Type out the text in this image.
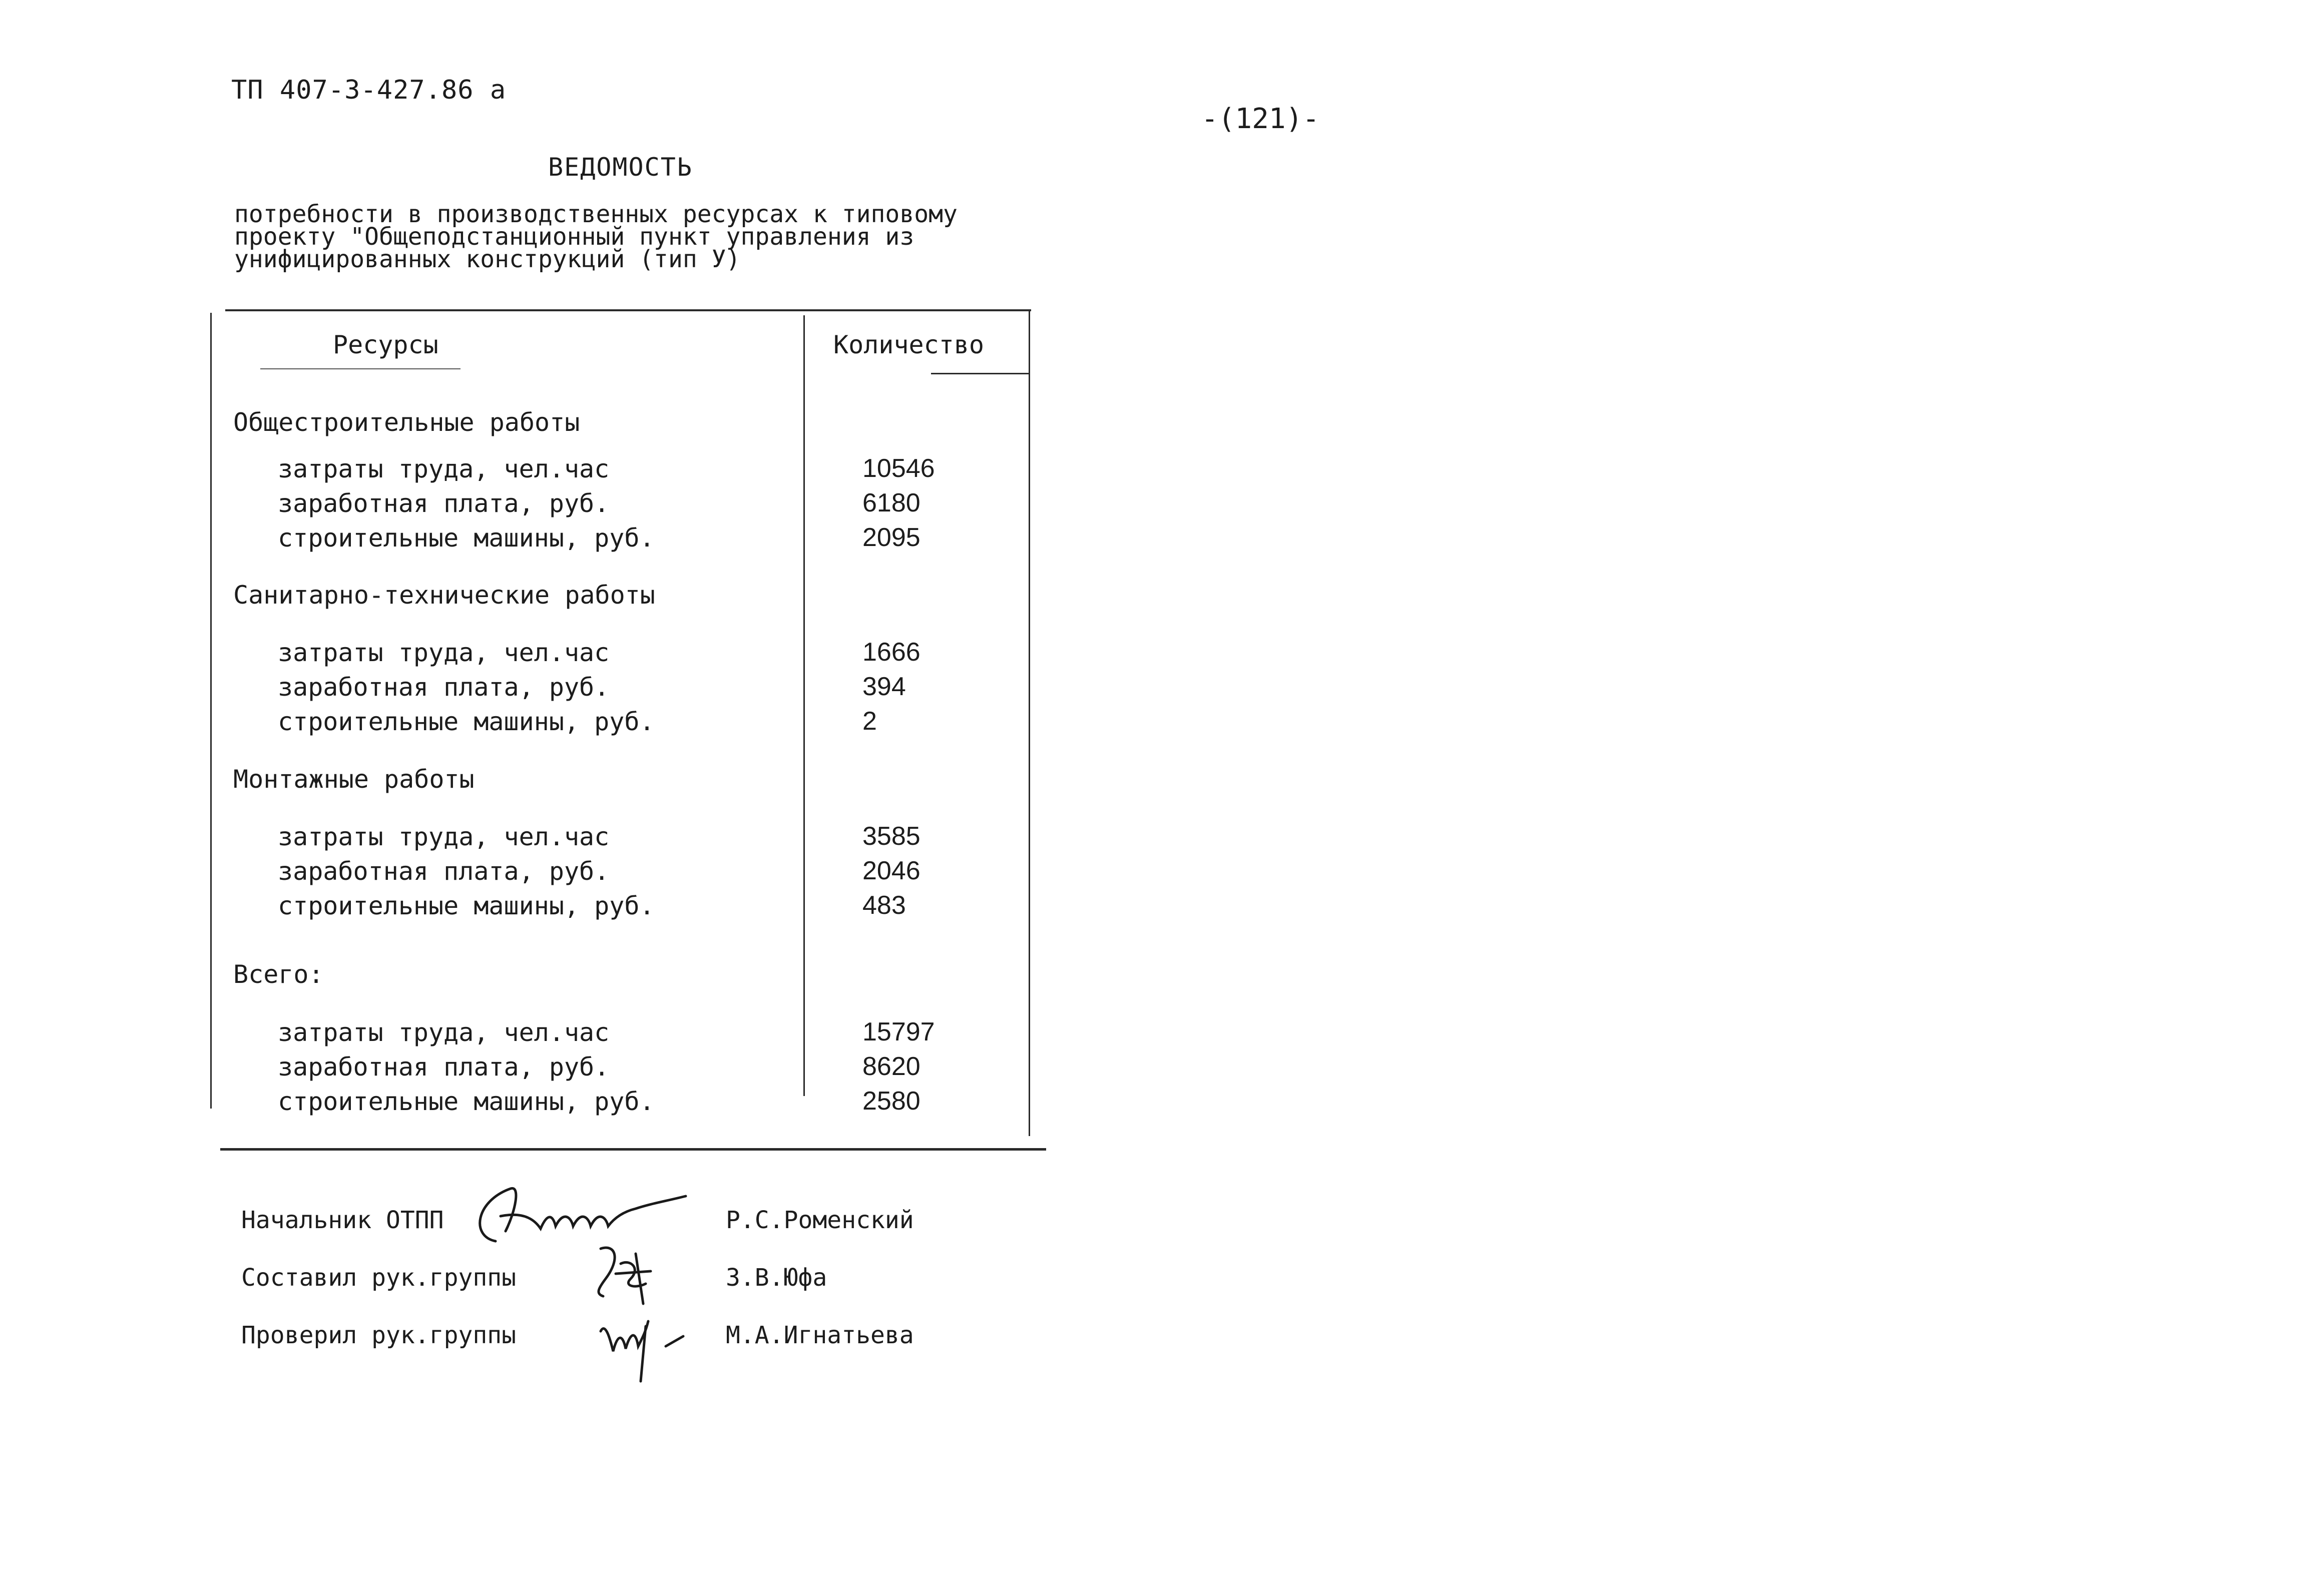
ТП 407-3-427.86 а
-(121)-
ВЕДОМОСТЬ
потребности в производственных ресурсах к типовому
проекту "Общеподстанционный пункт управления из
унифицированных конструкций (тип У)
Ресурсы	Количество
Общестроительные работы
затраты труда, чел.час	10546
заработная плата, руб.	6180
строительные машины, руб.	2095
Санитарно-технические работы
затраты труда, чел.час	1666
заработная плата, руб.	394
строительные машины, руб.	2
Монтажные работы
затраты труда, чел.час	3585
заработная плата, руб.	2046
строительные машины, руб.	483
Всего:
затраты труда, чел.час	15797
заработная плата, руб.	8620
строительные машины, руб.	2580
Начальник ОТПП	Р.С.Роменский
Составил рук.группы	З.В.Юфа
Проверил рук.группы	М.А.Игнатьева
